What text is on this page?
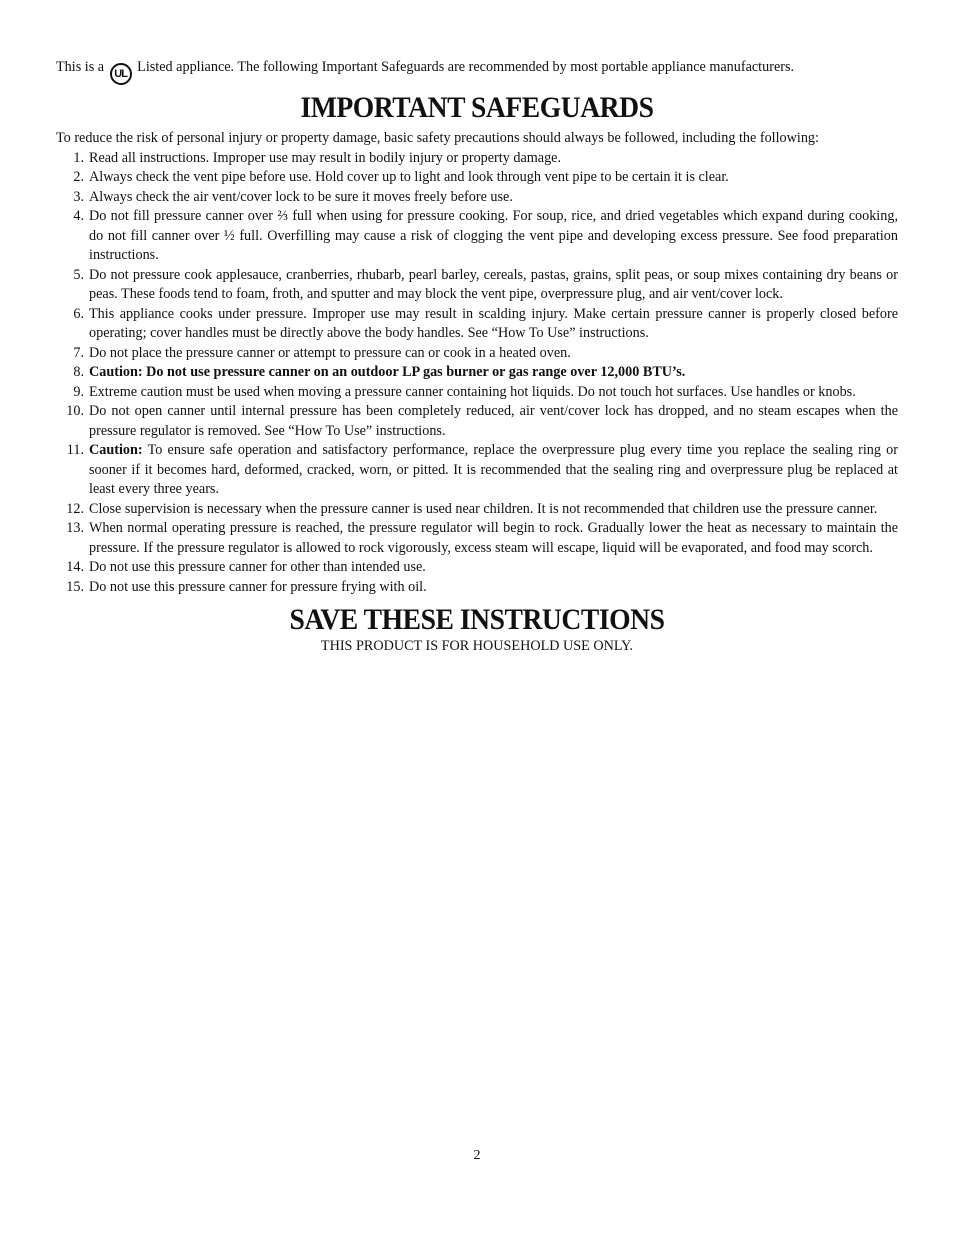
This is a UL Listed appliance. The following Important Safeguards are recommended by most portable appliance manufacturers.
IMPORTANT SAFEGUARDS
To reduce the risk of personal injury or property damage, basic safety precautions should always be followed, including the following:
1. Read all instructions. Improper use may result in bodily injury or property damage.
2. Always check the vent pipe before use. Hold cover up to light and look through vent pipe to be certain it is clear.
3. Always check the air vent/cover lock to be sure it moves freely before use.
4. Do not fill pressure canner over ⅔ full when using for pressure cooking. For soup, rice, and dried vegetables which expand during cooking, do not fill canner over ½ full. Overfilling may cause a risk of clogging the vent pipe and developing excess pressure. See food preparation instructions.
5. Do not pressure cook applesauce, cranberries, rhubarb, pearl barley, cereals, pastas, grains, split peas, or soup mixes containing dry beans or peas. These foods tend to foam, froth, and sputter and may block the vent pipe, overpressure plug, and air vent/cover lock.
6. This appliance cooks under pressure. Improper use may result in scalding injury. Make certain pressure canner is properly closed before operating; cover handles must be directly above the body handles. See “How To Use” instructions.
7. Do not place the pressure canner or attempt to pressure can or cook in a heated oven.
8. Caution: Do not use pressure canner on an outdoor LP gas burner or gas range over 12,000 BTU’s.
9. Extreme caution must be used when moving a pressure canner containing hot liquids. Do not touch hot surfaces. Use handles or knobs.
10. Do not open canner until internal pressure has been completely reduced, air vent/cover lock has dropped, and no steam escapes when the pressure regulator is removed. See “How To Use” instructions.
11. Caution: To ensure safe operation and satisfactory performance, replace the overpressure plug every time you replace the sealing ring or sooner if it becomes hard, deformed, cracked, worn, or pitted. It is recommended that the sealing ring and overpressure plug be replaced at least every three years.
12. Close supervision is necessary when the pressure canner is used near children. It is not recommended that children use the pressure canner.
13. When normal operating pressure is reached, the pressure regulator will begin to rock. Gradually lower the heat as necessary to maintain the pressure. If the pressure regulator is allowed to rock vigorously, excess steam will escape, liquid will be evaporated, and food may scorch.
14. Do not use this pressure canner for other than intended use.
15. Do not use this pressure canner for pressure frying with oil.
SAVE THESE INSTRUCTIONS
THIS PRODUCT IS FOR HOUSEHOLD USE ONLY.
2
